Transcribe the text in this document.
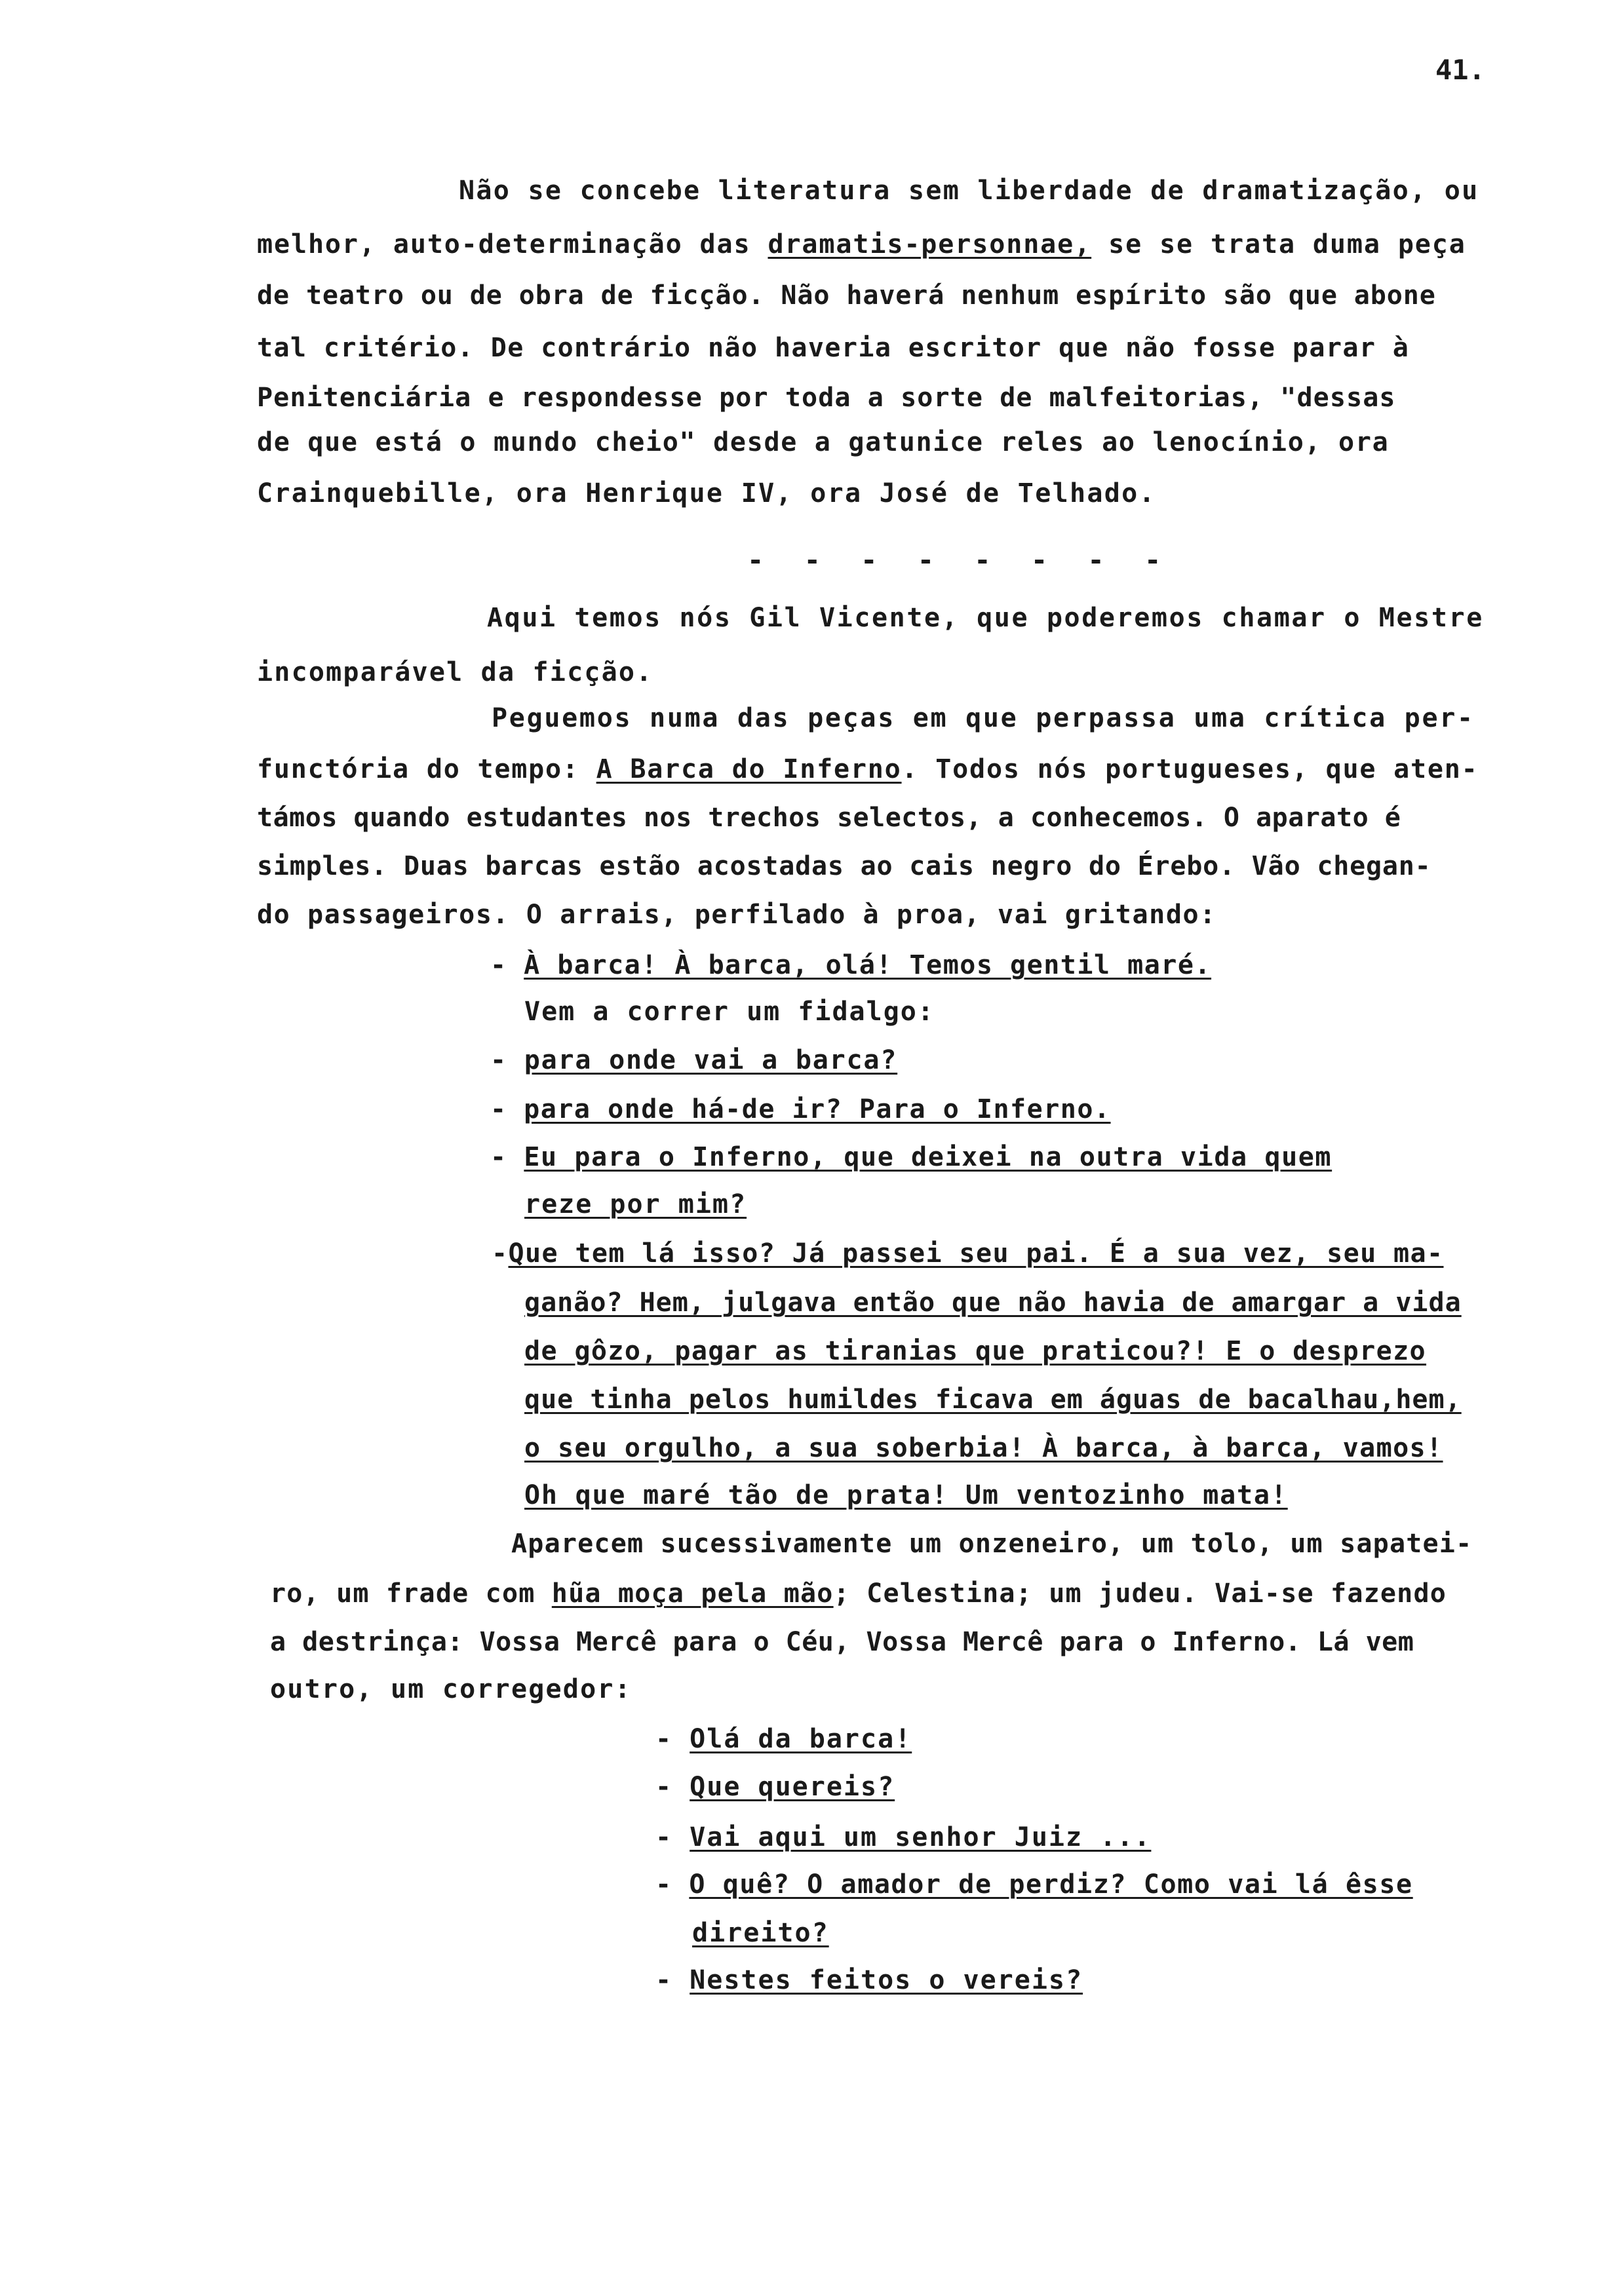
41.
Não se concebe literatura sem liberdade de dramatização, ou
melhor, auto-determinação das dramatis-personnae, se se trata duma peça
de teatro ou de obra de ficção. Não haverá nenhum espírito são que abone
tal critério. De contrário não haveria escritor que não fosse parar à
Penitenciária e respondesse por toda a sorte de malfeitorias, "dessas
de que está o mundo cheio" desde a gatunice reles ao lenocínio, ora
Crainquebille, ora Henrique IV, ora José de Telhado.
- - - - - - - -
Aqui temos nós Gil Vicente, que poderemos chamar o Mestre
incomparável da ficção.
Peguemos numa das peças em que perpassa uma crítica per-
functória do tempo: A Barca do Inferno. Todos nós portugueses, que aten-
támos quando estudantes nos trechos selectos, a conhecemos. O aparato é
simples. Duas barcas estão acostadas ao cais negro do Érebo. Vão chegan-
do passageiros. O arrais, perfilado à proa, vai gritando:
- À barca! À barca, olá! Temos gentil maré.
Vem a correr um fidalgo:
- para onde vai a barca?
- para onde há-de ir? Para o Inferno.
- Eu para o Inferno, que deixei na outra vida quem
reze por mim?
-Que tem lá isso? Já passei seu pai. É a sua vez, seu ma-
ganão? Hem, julgava então que não havia de amargar a vida
de gôzo, pagar as tiranias que praticou?! E o desprezo
que tinha pelos humildes ficava em águas de bacalhau,hem,
o seu orgulho, a sua soberbia! À barca, à barca, vamos!
Oh que maré tão de prata! Um ventozinho mata!
Aparecem sucessivamente um onzeneiro, um tolo, um sapatei-
ro, um frade com hũa moça pela mão; Celestina; um judeu. Vai-se fazendo
a destrinça: Vossa Mercê para o Céu, Vossa Mercê para o Inferno. Lá vem
outro, um corregedor:
- Olá da barca!
- Que quereis?
- Vai aqui um senhor Juiz ...
- O quê? O amador de perdiz? Como vai lá êsse
direito?
- Nestes feitos o vereis?
